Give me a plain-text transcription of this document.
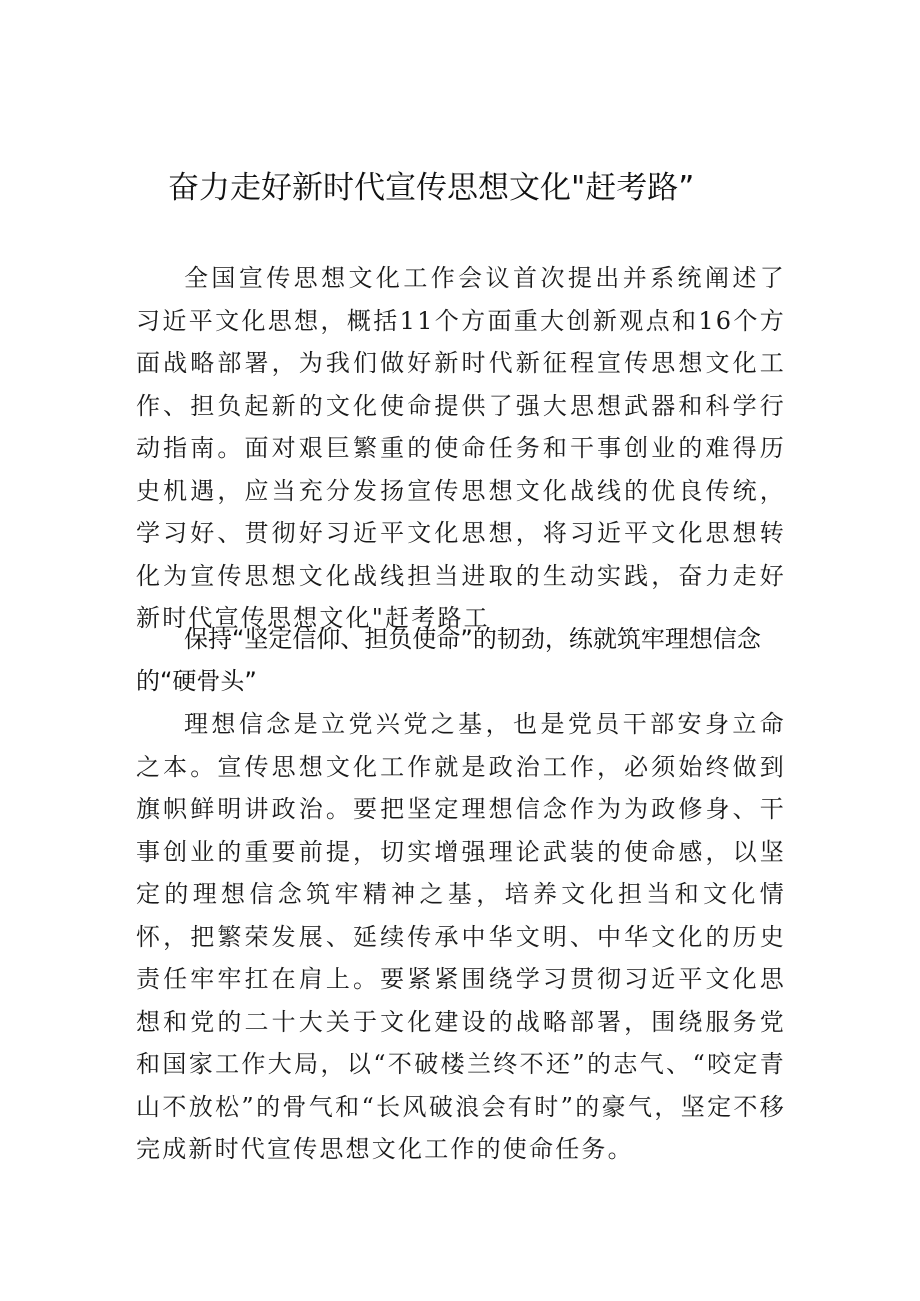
奋力走好新时代宣传思想文化"赶考路”

全国宣传思想文化工作会议首次提出并系统阐述了习近平文化思想，概括11个方面重大创新观点和16个方面战略部署，为我们做好新时代新征程宣传思想文化工作、担负起新的文化使命提供了强大思想武器和科学行动指南。面对艰巨繁重的使命任务和干事创业的难得历史机遇，应当充分发扬宣传思想文化战线的优良传统，学习好、贯彻好习近平文化思想，将习近平文化思想转化为宣传思想文化战线担当进取的生动实践，奋力走好新时代宣传思想文化"赶考路工

保持“坚定信仰、担负使命”的韧劲，练就筑牢理想信念的“硬骨头”

理想信念是立党兴党之基，也是党员干部安身立命之本。宣传思想文化工作就是政治工作，必须始终做到旗帜鲜明讲政治。要把坚定理想信念作为为政修身、干事创业的重要前提，切实增强理论武装的使命感，以坚定的理想信念筑牢精神之基，培养文化担当和文化情怀，把繁荣发展、延续传承中华文明、中华文化的历史责任牢牢扛在肩上。要紧紧围绕学习贯彻习近平文化思想和党的二十大关于文化建设的战略部署，围绕服务党和国家工作大局，以“不破楼兰终不还”的志气、“咬定青山不放松”的骨气和“长风破浪会有时”的豪气，坚定不移完成新时代宣传思想文化工作的使命任务。
